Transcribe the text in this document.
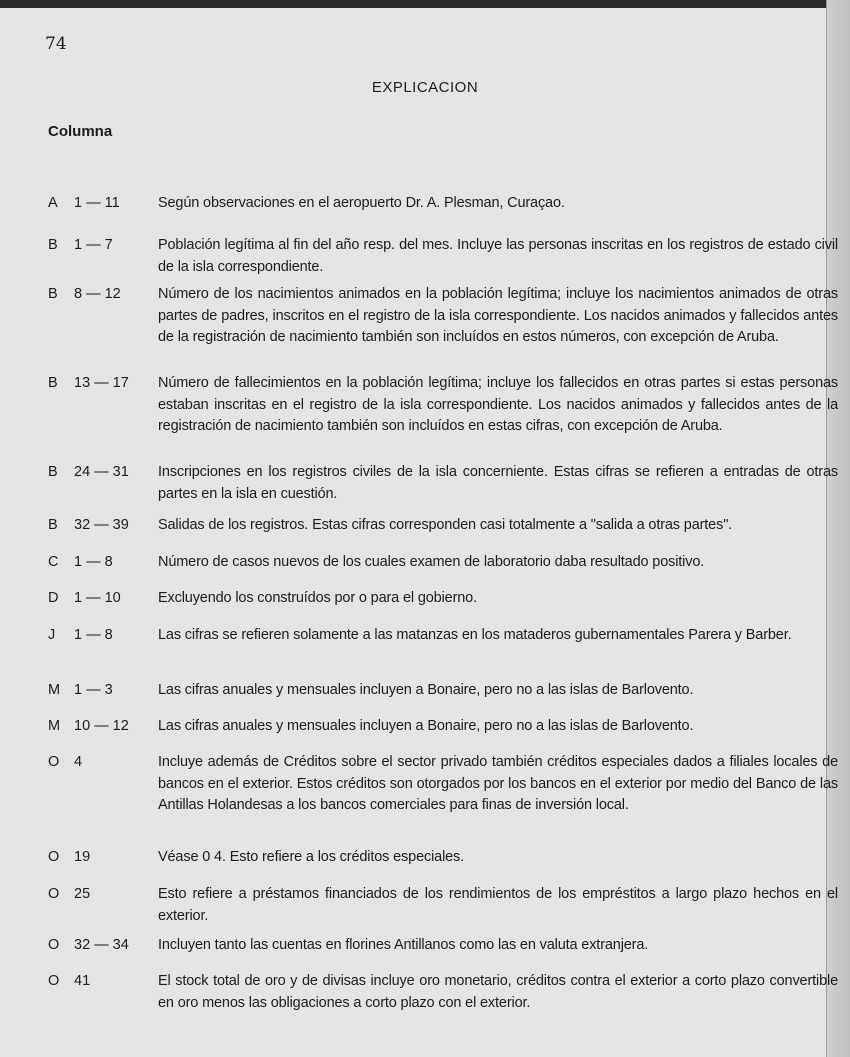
74
EXPLICACION
Columna
A	1 — 11	Según observaciones en el aeropuerto Dr. A. Plesman, Curaçao.
B	1 — 7	Población legítima al fin del año resp. del mes. Incluye las personas inscritas en los registros de estado civil de la isla correspondiente.
B	8 — 12	Número de los nacimientos animados en la población legítima; incluye los nacimientos animados de otras partes de padres, inscritos en el registro de la isla correspondiente. Los nacidos animados y fallecidos antes de la registración de nacimiento también son incluídos en estos números, con excepción de Aruba.
B	13 — 17	Número de fallecimientos en la población legítima; incluye los fallecidos en otras partes si estas personas estaban inscritas en el registro de la isla correspondiente. Los nacidos animados y fallecidos antes de la registración de nacimiento también son incluídos en estas cifras, con excepción de Aruba.
B	24 — 31	Inscripciones en los registros civiles de la isla concerniente. Estas cifras se refieren a entradas de otras partes en la isla en cuestión.
B	32 — 39	Salidas de los registros. Estas cifras corresponden casi totalmente a "salida a otras partes".
C	1 — 8	Número de casos nuevos de los cuales examen de laboratorio daba resultado positivo.
D	1 — 10	Excluyendo los construídos por o para el gobierno.
J	1 — 8	Las cifras se refieren solamente a las matanzas en los mataderos gubernamentales Parera y Barber.
M 1 — 3	Las cifras anuales y mensuales incluyen a Bonaire, pero no a las islas de Barlovento.
M 10 — 12	Las cifras anuales y mensuales incluyen a Bonaire, pero no a las islas de Barlovento.
O	4	Incluye además de Créditos sobre el sector privado también créditos especiales dados a filiales locales de bancos en el exterior. Estos créditos son otorgados por los bancos en el exterior por medio del Banco de las Antillas Holandesas a los bancos comerciales para finas de inversión local.
O	19	Véase 0 4. Esto refiere a los créditos especiales.
O	25	Esto refiere a préstamos financiados de los rendimientos de los empréstitos a largo plazo hechos en el exterior.
O	32 — 34	Incluyen tanto las cuentas en florines Antillanos como las en valuta extranjera.
O	41	El stock total de oro y de divisas incluye oro monetario, créditos contra el exterior a corto plazo convertible en oro menos las obligaciones a corto plazo con el exterior.
